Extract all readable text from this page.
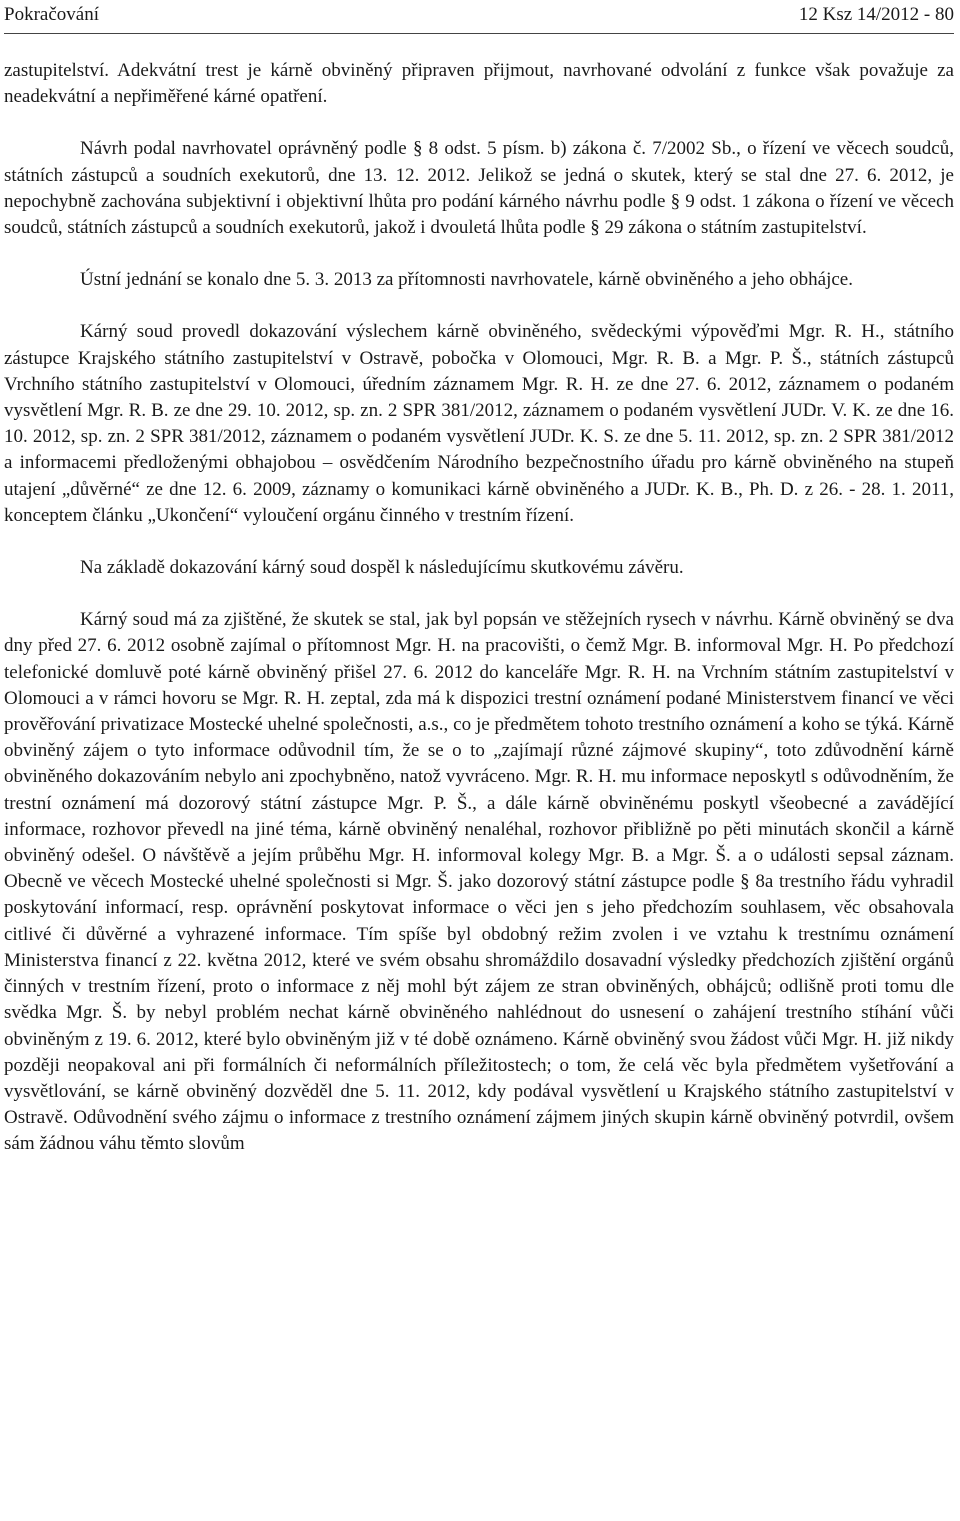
Pokračování	12 Ksz 14/2012 - 80

zastupitelství. Adekvátní trest je kárně obviněný připraven přijmout, navrhované odvolání z funkce však považuje za neadekvátní a nepřiměřené kárné opatření.

Návrh podal navrhovatel oprávněný podle § 8 odst. 5 písm. b) zákona č. 7/2002 Sb., o řízení ve věcech soudců, státních zástupců a soudních exekutorů, dne 13. 12. 2012. Jelikož se jedná o skutek, který se stal dne 27. 6. 2012, je nepochybně zachována subjektivní i objektivní lhůta pro podání kárného návrhu podle § 9 odst. 1 zákona o řízení ve věcech soudců, státních zástupců a soudních exekutorů, jakož i dvouletá lhůta podle § 29 zákona o státním zastupitelství.

Ústní jednání se konalo dne 5. 3. 2013 za přítomnosti navrhovatele, kárně obviněného a jeho obhájce.

Kárný soud provedl dokazování výslechem kárně obviněného, svědeckými výpověďmi Mgr. R. H., státního zástupce Krajského státního zastupitelství v Ostravě, pobočka v Olomouci, Mgr. R. B. a Mgr. P. Š., státních zástupců Vrchního státního zastupitelství v Olomouci, úředním záznamem Mgr. R. H. ze dne 27. 6. 2012, záznamem o podaném vysvětlení Mgr. R. B. ze dne 29. 10. 2012, sp. zn. 2 SPR 381/2012, záznamem o podaném vysvětlení JUDr. V. K. ze dne 16. 10. 2012, sp. zn. 2 SPR 381/2012, záznamem o podaném vysvětlení JUDr. K. S. ze dne 5. 11. 2012, sp. zn. 2 SPR 381/2012 a informacemi předloženými obhajobou – osvědčením Národního bezpečnostního úřadu pro kárně obviněného na stupeň utajení „důvěrné“ ze dne 12. 6. 2009, záznamy o komunikaci kárně obviněného a JUDr. K. B., Ph. D. z 26. - 28. 1. 2011, konceptem článku „Ukončení“ vyloučení orgánu činného v trestním řízení.

Na základě dokazování kárný soud dospěl k následujícímu skutkovému závěru.

Kárný soud má za zjištěné, že skutek se stal, jak byl popsán ve stěžejních rysech v návrhu. Kárně obviněný se dva dny před 27. 6. 2012 osobně zajímal o přítomnost Mgr. H. na pracovišti, o čemž Mgr. B. informoval Mgr. H. Po předchozí telefonické domluvě poté kárně obviněný přišel 27. 6. 2012 do kanceláře Mgr. R. H. na Vrchním státním zastupitelství v Olomouci a v rámci hovoru se Mgr. R. H. zeptal, zda má k dispozici trestní oznámení podané Ministerstvem financí ve věci prověřování privatizace Mostecké uhelné společnosti, a.s., co je předmětem tohoto trestního oznámení a koho se týká. Kárně obviněný zájem o tyto informace odůvodnil tím, že se o to „zajímají různé zájmové skupiny“, toto zdůvodnění kárně obviněného dokazováním nebylo ani zpochybněno, natož vyvráceno. Mgr. R. H. mu informace neposkytl s odůvodněním, že trestní oznámení má dozorový státní zástupce Mgr. P. Š., a dále kárně obviněnému poskytl všeobecné a zavádějící informace, rozhovor převedl na jiné téma, kárně obviněný nenaléhal, rozhovor přibližně po pěti minutách skončil a kárně obviněný odešel. O návštěvě a jejím průběhu Mgr. H. informoval kolegy Mgr. B. a Mgr. Š. a o události sepsal záznam. Obecně ve věcech Mostecké uhelné společnosti si Mgr. Š. jako dozorový státní zástupce podle § 8a trestního řádu vyhradil poskytování informací, resp. oprávnění poskytovat informace o věci jen s jeho předchozím souhlasem, věc obsahovala citlivé či důvěrné a vyhrazené informace. Tím spíše byl obdobný režim zvolen i ve vztahu k trestnímu oznámení Ministerstva financí z 22. května 2012, které ve svém obsahu shromáždilo dosavadní výsledky předchozích zjištění orgánů činných v trestním řízení, proto o informace z něj mohl být zájem ze stran obviněných, obhájců; odlišně proti tomu dle svědka Mgr. Š. by nebyl problém nechat kárně obviněného nahlédnout do usnesení o zahájení trestního stíhání vůči obviněným z 19. 6. 2012, které bylo obviněným již v té době oznámeno. Kárně obviněný svou žádost vůči Mgr. H. již nikdy později neopakoval ani při formálních či neformálních příležitostech; o tom, že celá věc byla předmětem vyšetřování a vysvětlování, se kárně obviněný dozvěděl dne 5. 11. 2012, kdy podával vysvětlení u Krajského státního zastupitelství v Ostravě. Odůvodnění svého zájmu o informace z trestního oznámení zájmem jiných skupin kárně obviněný potvrdil, ovšem sám žádnou váhu těmto slovům
